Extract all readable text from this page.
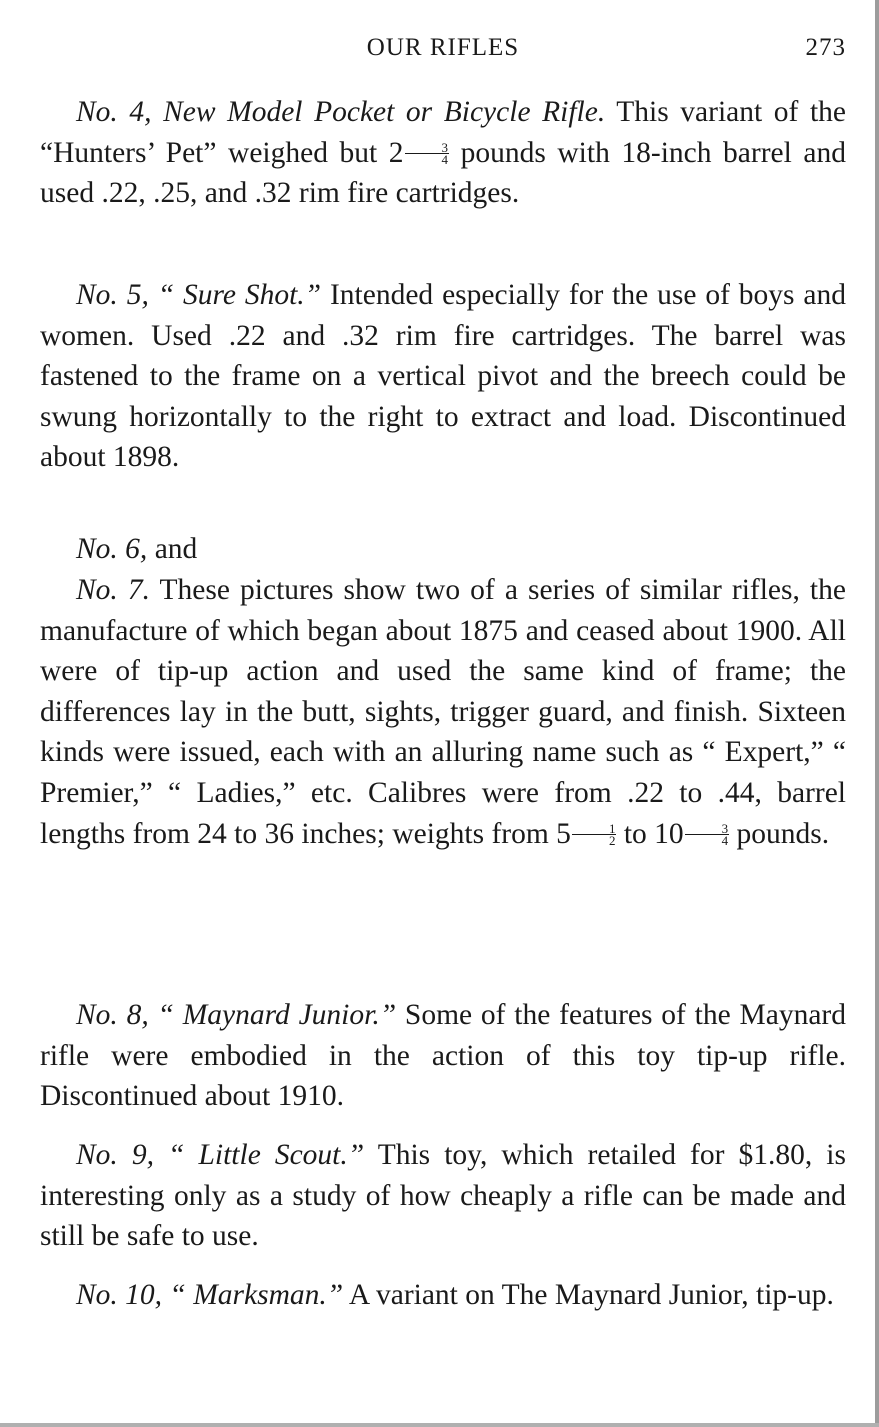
OUR RIFLES	273

No. 4, New Model Pocket or Bicycle Rifle. This variant of the “Hunters’ Pet” weighed but $2 \frac{3}{4}$ pounds with 18-inch barrel and used .22, .25, and .32 rim fire cartridges.

No. 5, “ Sure Shot.” Intended especially for the use of boys and women. Used .22 and .32 rim fire cartridges. The barrel was fastened to the frame on a vertical pivot and the breech could be swung horizontally to the right to extract and load. Discontinued about 1898.

No. 6, and

No. 7. These pictures show two of a series of similar rifles, the manufacture of which began about 1875 and ceased about 1900. All were of tip-up action and used the same kind of frame; the differences lay in the butt, sights, trigger guard, and finish. Sixteen kinds were issued, each with an alluring name such as “ Expert,” “ Premier,” “ Ladies,” etc. Calibres were from .22 to .44, barrel lengths from 24 to 36 inches; weights from $5 \frac{1}{2}$ to $10 \frac{3}{4}$ pounds.

No. 8, “ Maynard Junior.” Some of the features of the Maynard rifle were embodied in the action of this toy tip-up rifle. Discontinued about 1910.

No. 9, “ Little Scout.” This toy, which retailed for $1.80, is interesting only as a study of how cheaply a rifle can be made and still be safe to use.

No. 10, “ Marksman.” A variant on The Maynard Junior, tip-up.
